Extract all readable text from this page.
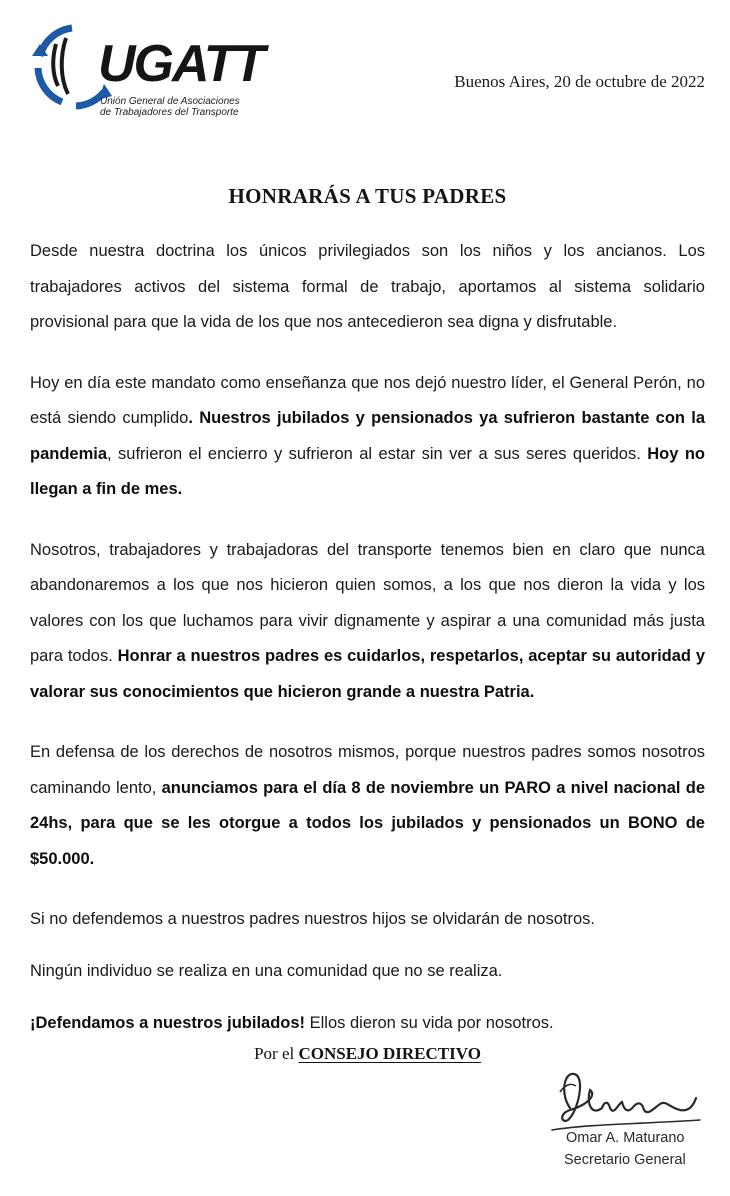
UGATT
Unión General de Asociaciones
de Trabajadores del Transporte
Buenos Aires, 20 de octubre de 2022
HONRARÁS A TUS PADRES

Desde nuestra doctrina los únicos privilegiados son los niños y los ancianos. Los trabajadores activos del sistema formal de trabajo, aportamos al sistema solidario provisional para que la vida de los que nos antecedieron sea digna y disfrutable.

Hoy en día este mandato como enseñanza que nos dejó nuestro líder, el General Perón, no está siendo cumplido. Nuestros jubilados y pensionados ya sufrieron bastante con la pandemia, sufrieron el encierro y sufrieron al estar sin ver a sus seres queridos. Hoy no llegan a fin de mes.

Nosotros, trabajadores y trabajadoras del transporte tenemos bien en claro que nunca abandonaremos a los que nos hicieron quien somos, a los que nos dieron la vida y los valores con los que luchamos para vivir dignamente y aspirar a una comunidad más justa para todos. Honrar a nuestros padres es cuidarlos, respetarlos, aceptar su autoridad y valorar sus conocimientos que hicieron grande a nuestra Patria.

En defensa de los derechos de nosotros mismos, porque nuestros padres somos nosotros caminando lento, anunciamos para el día 8 de noviembre un PARO a nivel nacional de 24hs, para que se les otorgue a todos los jubilados y pensionados un BONO de $50.000.

Si no defendemos a nuestros padres nuestros hijos se olvidarán de nosotros.

Ningún individuo se realiza en una comunidad que no se realiza.

¡Defendamos a nuestros jubilados! Ellos dieron su vida por nosotros.

Por el CONSEJO DIRECTIVO
Omar A. Maturano
Secretario General
